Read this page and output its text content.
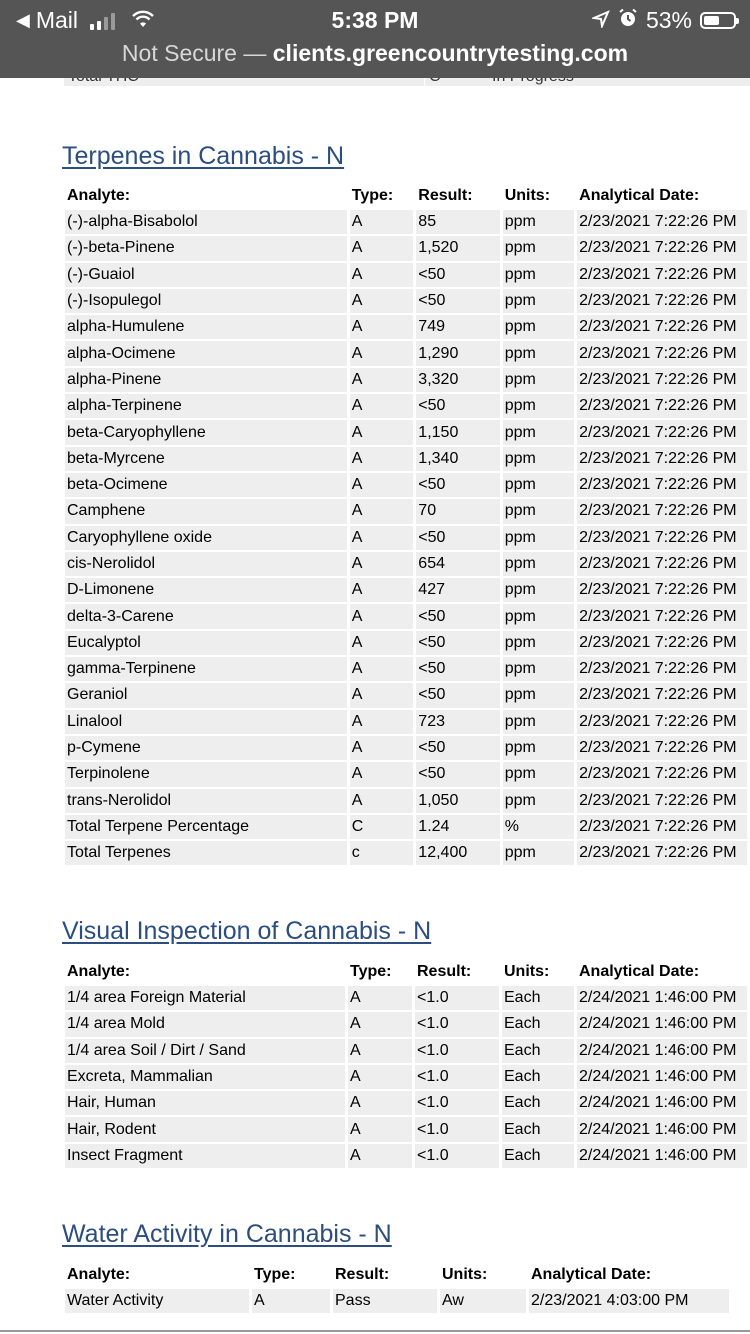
◀ Mail	5:38 PM	53%
Not Secure — clients.greencountrytesting.com
Terpenes in Cannabis - N
Analyte:	Type:	Result:	Units:	Analytical Date:
(-)-alpha-Bisabolol	A	85	ppm	2/23/2021 7:22:26 PM
(-)-beta-Pinene	A	1,520	ppm	2/23/2021 7:22:26 PM
(-)-Guaiol	A	<50	ppm	2/23/2021 7:22:26 PM
(-)-Isopulegol	A	<50	ppm	2/23/2021 7:22:26 PM
alpha-Humulene	A	749	ppm	2/23/2021 7:22:26 PM
alpha-Ocimene	A	1,290	ppm	2/23/2021 7:22:26 PM
alpha-Pinene	A	3,320	ppm	2/23/2021 7:22:26 PM
alpha-Terpinene	A	<50	ppm	2/23/2021 7:22:26 PM
beta-Caryophyllene	A	1,150	ppm	2/23/2021 7:22:26 PM
beta-Myrcene	A	1,340	ppm	2/23/2021 7:22:26 PM
beta-Ocimene	A	<50	ppm	2/23/2021 7:22:26 PM
Camphene	A	70	ppm	2/23/2021 7:22:26 PM
Caryophyllene oxide	A	<50	ppm	2/23/2021 7:22:26 PM
cis-Nerolidol	A	654	ppm	2/23/2021 7:22:26 PM
D-Limonene	A	427	ppm	2/23/2021 7:22:26 PM
delta-3-Carene	A	<50	ppm	2/23/2021 7:22:26 PM
Eucalyptol	A	<50	ppm	2/23/2021 7:22:26 PM
gamma-Terpinene	A	<50	ppm	2/23/2021 7:22:26 PM
Geraniol	A	<50	ppm	2/23/2021 7:22:26 PM
Linalool	A	723	ppm	2/23/2021 7:22:26 PM
p-Cymene	A	<50	ppm	2/23/2021 7:22:26 PM
Terpinolene	A	<50	ppm	2/23/2021 7:22:26 PM
trans-Nerolidol	A	1,050	ppm	2/23/2021 7:22:26 PM
Total Terpene Percentage	C	1.24	%	2/23/2021 7:22:26 PM
Total Terpenes	c	12,400	ppm	2/23/2021 7:22:26 PM
Visual Inspection of Cannabis - N
Analyte:	Type:	Result:	Units:	Analytical Date:
1/4 area Foreign Material	A	<1.0	Each	2/24/2021 1:46:00 PM
1/4 area Mold	A	<1.0	Each	2/24/2021 1:46:00 PM
1/4 area Soil / Dirt / Sand	A	<1.0	Each	2/24/2021 1:46:00 PM
Excreta, Mammalian	A	<1.0	Each	2/24/2021 1:46:00 PM
Hair, Human	A	<1.0	Each	2/24/2021 1:46:00 PM
Hair, Rodent	A	<1.0	Each	2/24/2021 1:46:00 PM
Insect Fragment	A	<1.0	Each	2/24/2021 1:46:00 PM
Water Activity in Cannabis - N
Analyte:	Type:	Result:	Units:	Analytical Date:
Water Activity	A	Pass	Aw	2/23/2021 4:03:00 PM
